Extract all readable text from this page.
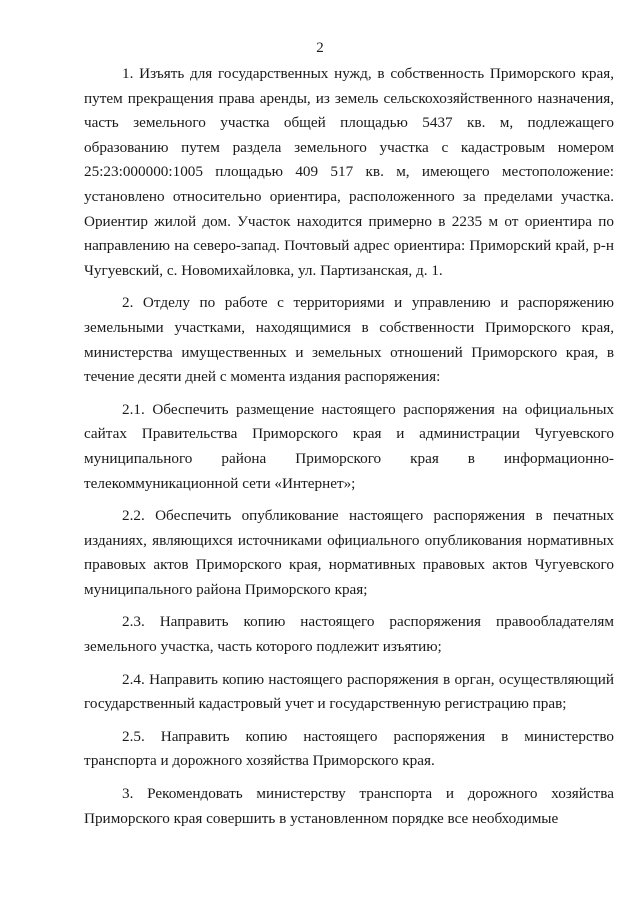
2

1. Изъять для государственных нужд, в собственность Приморского края, путем прекращения права аренды, из земель сельскохозяйственного назначения, часть земельного участка общей площадью 5437 кв. м, подлежащего образованию путем раздела земельного участка с кадастровым номером 25:23:000000:1005 площадью 409 517 кв. м, имеющего местоположение: установлено относительно ориентира, расположенного за пределами участка. Ориентир жилой дом. Участок находится примерно в 2235 м от ориентира по направлению на северо-запад. Почтовый адрес ориентира: Приморский край, р-н Чугуевский, с. Новомихайловка, ул. Партизанская, д. 1.

2. Отделу по работе с территориями и управлению и распоряжению земельными участками, находящимися в собственности Приморского края, министерства имущественных и земельных отношений Приморского края, в течение десяти дней с момента издания распоряжения:

2.1. Обеспечить размещение настоящего распоряжения на официальных сайтах Правительства Приморского края и администрации Чугуевского муниципального района Приморского края в информационно-телекоммуникационной сети «Интернет»;

2.2. Обеспечить опубликование настоящего распоряжения в печатных изданиях, являющихся источниками официального опубликования нормативных правовых актов Приморского края, нормативных правовых актов Чугуевского муниципального района Приморского края;

2.3. Направить копию настоящего распоряжения правообладателям земельного участка, часть которого подлежит изъятию;

2.4. Направить копию настоящего распоряжения в орган, осуществляющий государственный кадастровый учет и государственную регистрацию прав;

2.5. Направить копию настоящего распоряжения в министерство транспорта и дорожного хозяйства Приморского края.

3. Рекомендовать министерству транспорта и дорожного хозяйства Приморского края совершить в установленном порядке все необходимые
